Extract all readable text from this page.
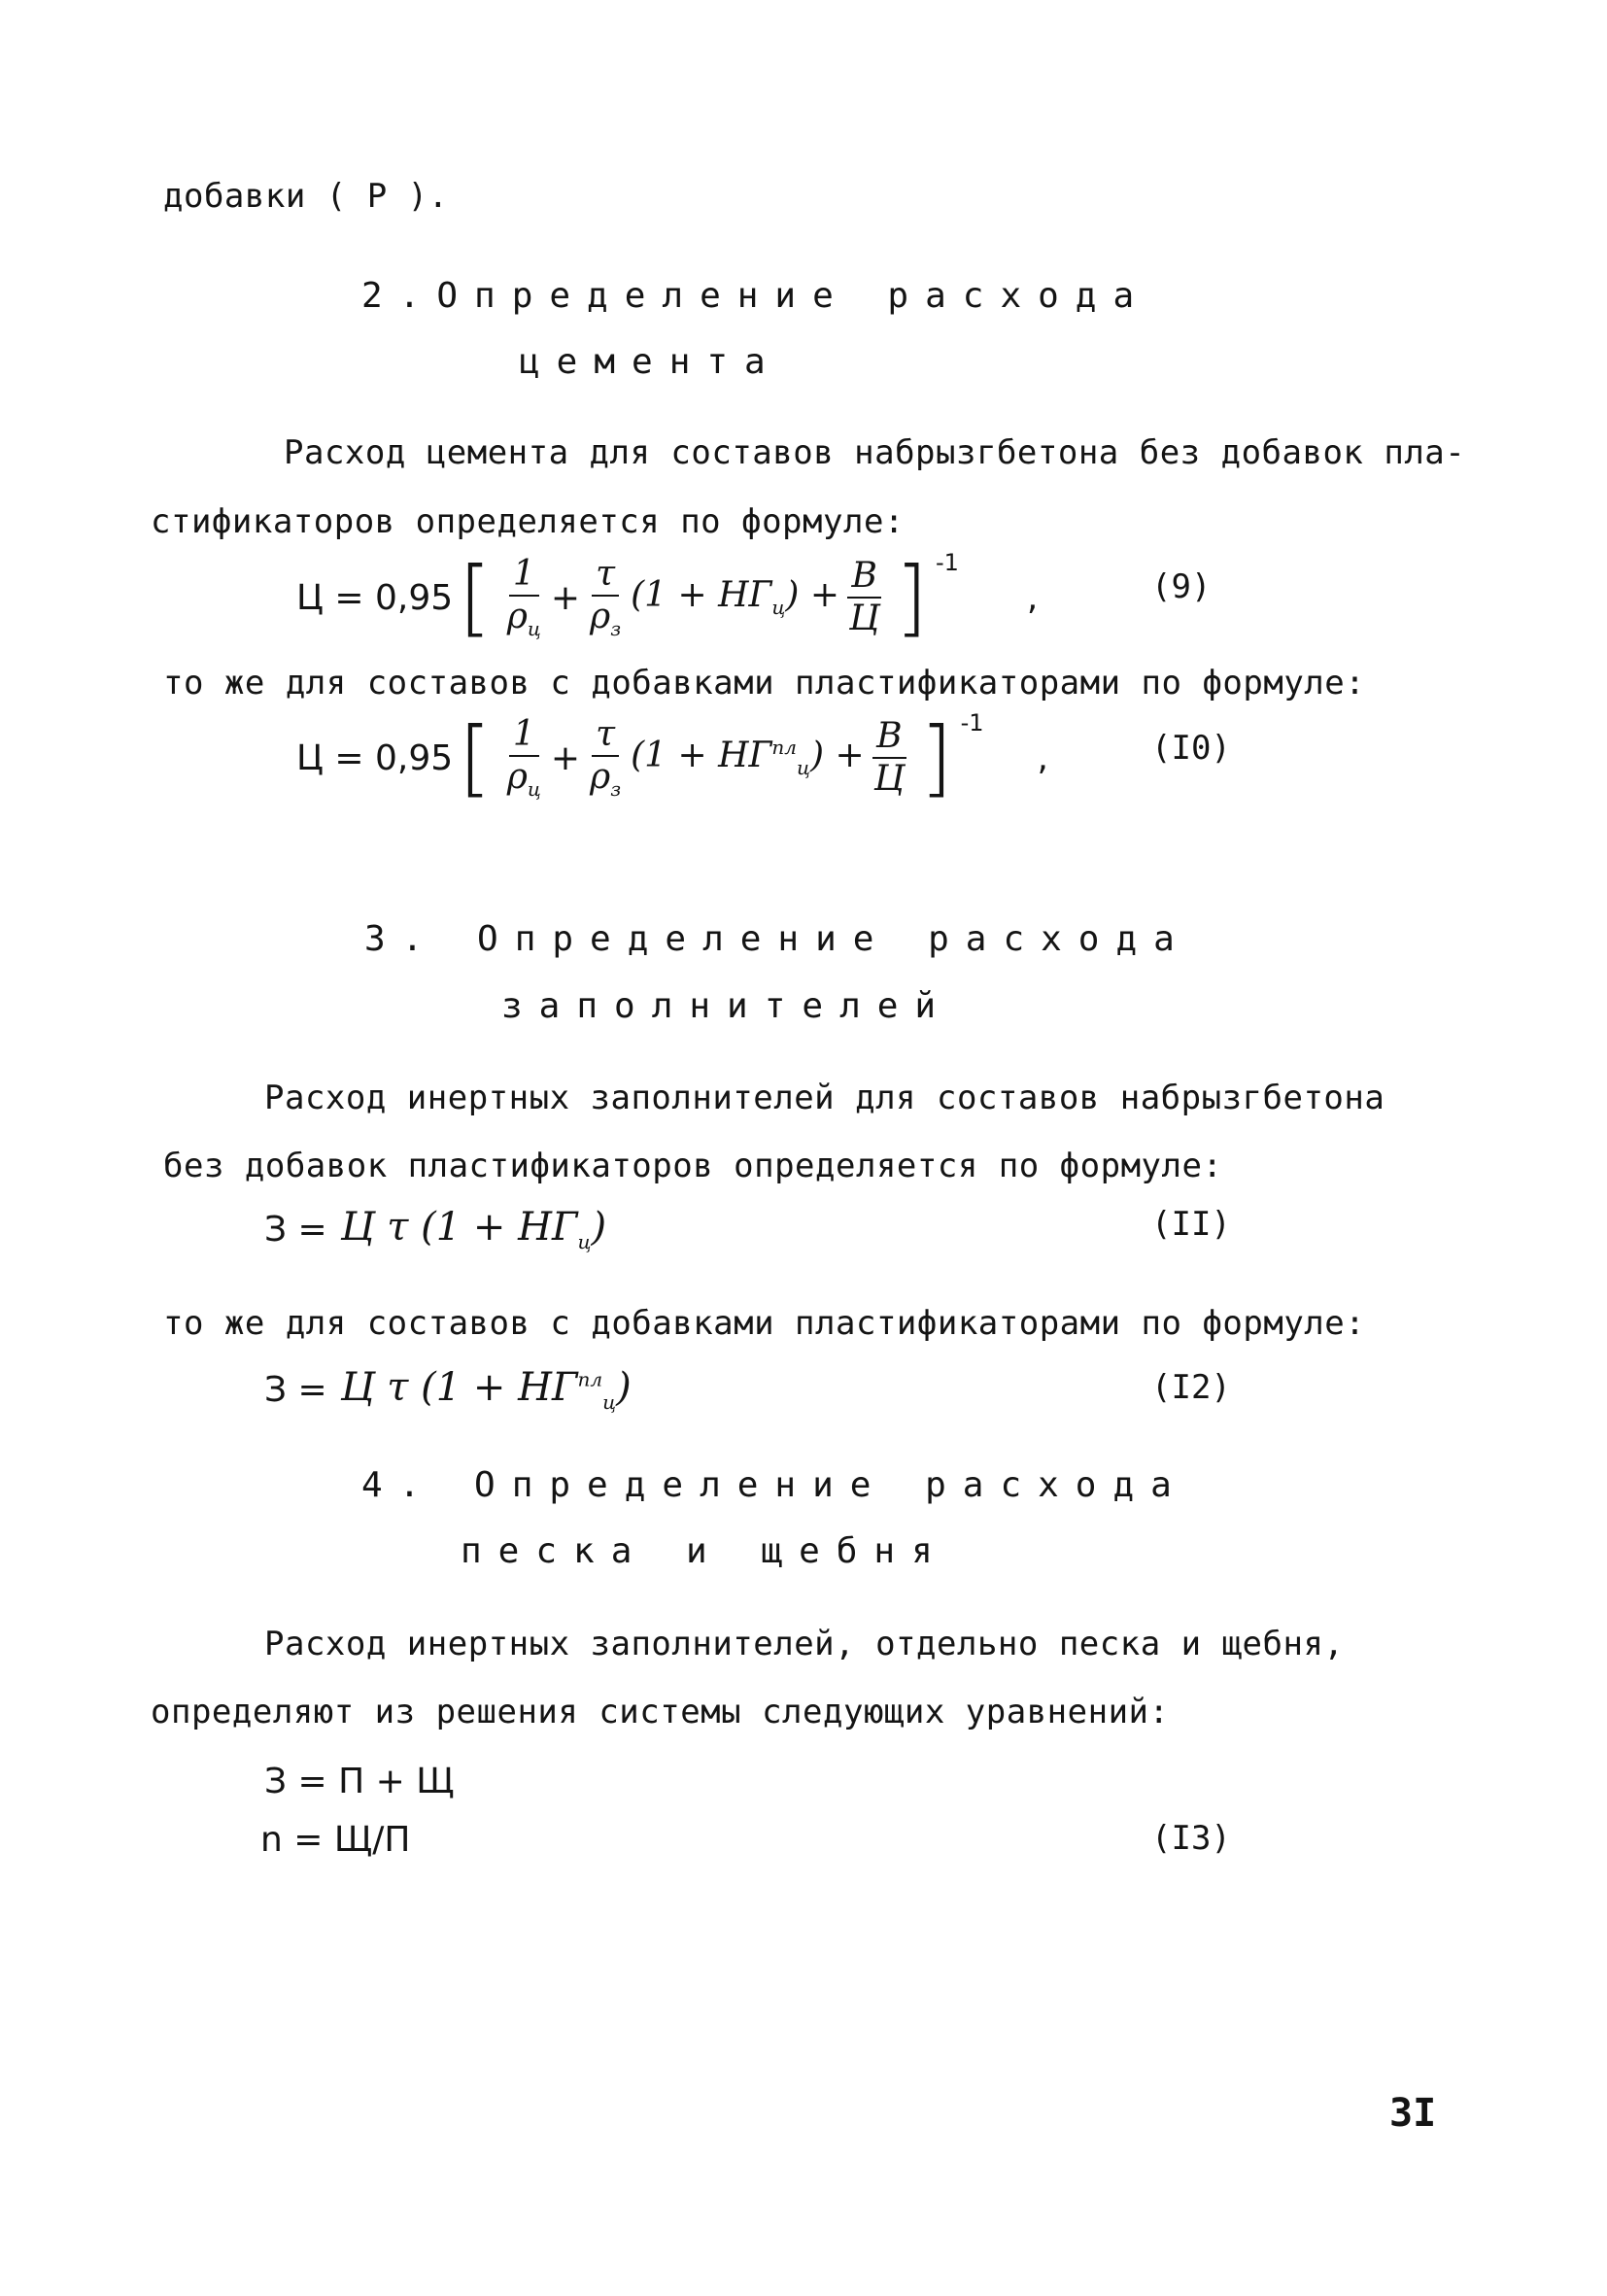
добавки ( Р ).
2.Определение расхода
цемента
Расход цемента для составов набрызгбетона без добавок пла-
стификаторов определяется по формуле:
Ц = 0,95 [ $\frac{1}{\rho_ц} + \frac{\tau}{\rho_з} (1 + НГ_ц) + \frac{В}{Ц}$ ] -1
,	(9)
то же для составов с добавками пластификаторами по формуле:
Ц = 0,95 [ $\frac{1}{\rho_ц} + \frac{\tau}{\rho_з} (1 + НГ^{пл}_ц) + \frac{В}{Ц}$ ] -1
,	(I0)
3. Определение расхода
заполнителей
Расход инертных заполнителей для составов набрызгбетона
без добавок пластификаторов определяется по формуле:
З = Ц τ $(1 + НГ_ц)$	(II)
то же для составов с добавками пластификаторами по формуле:
З = Ц τ $(1 + НГ^{пл}_ц)$	(I2)
4. Определение расхода
песка и щебня
Расход инертных заполнителей, отдельно песка и щебня,
определяют из решения системы следующих уравнений:
З = П + Щ
n = Щ/П	(I3)
3I
